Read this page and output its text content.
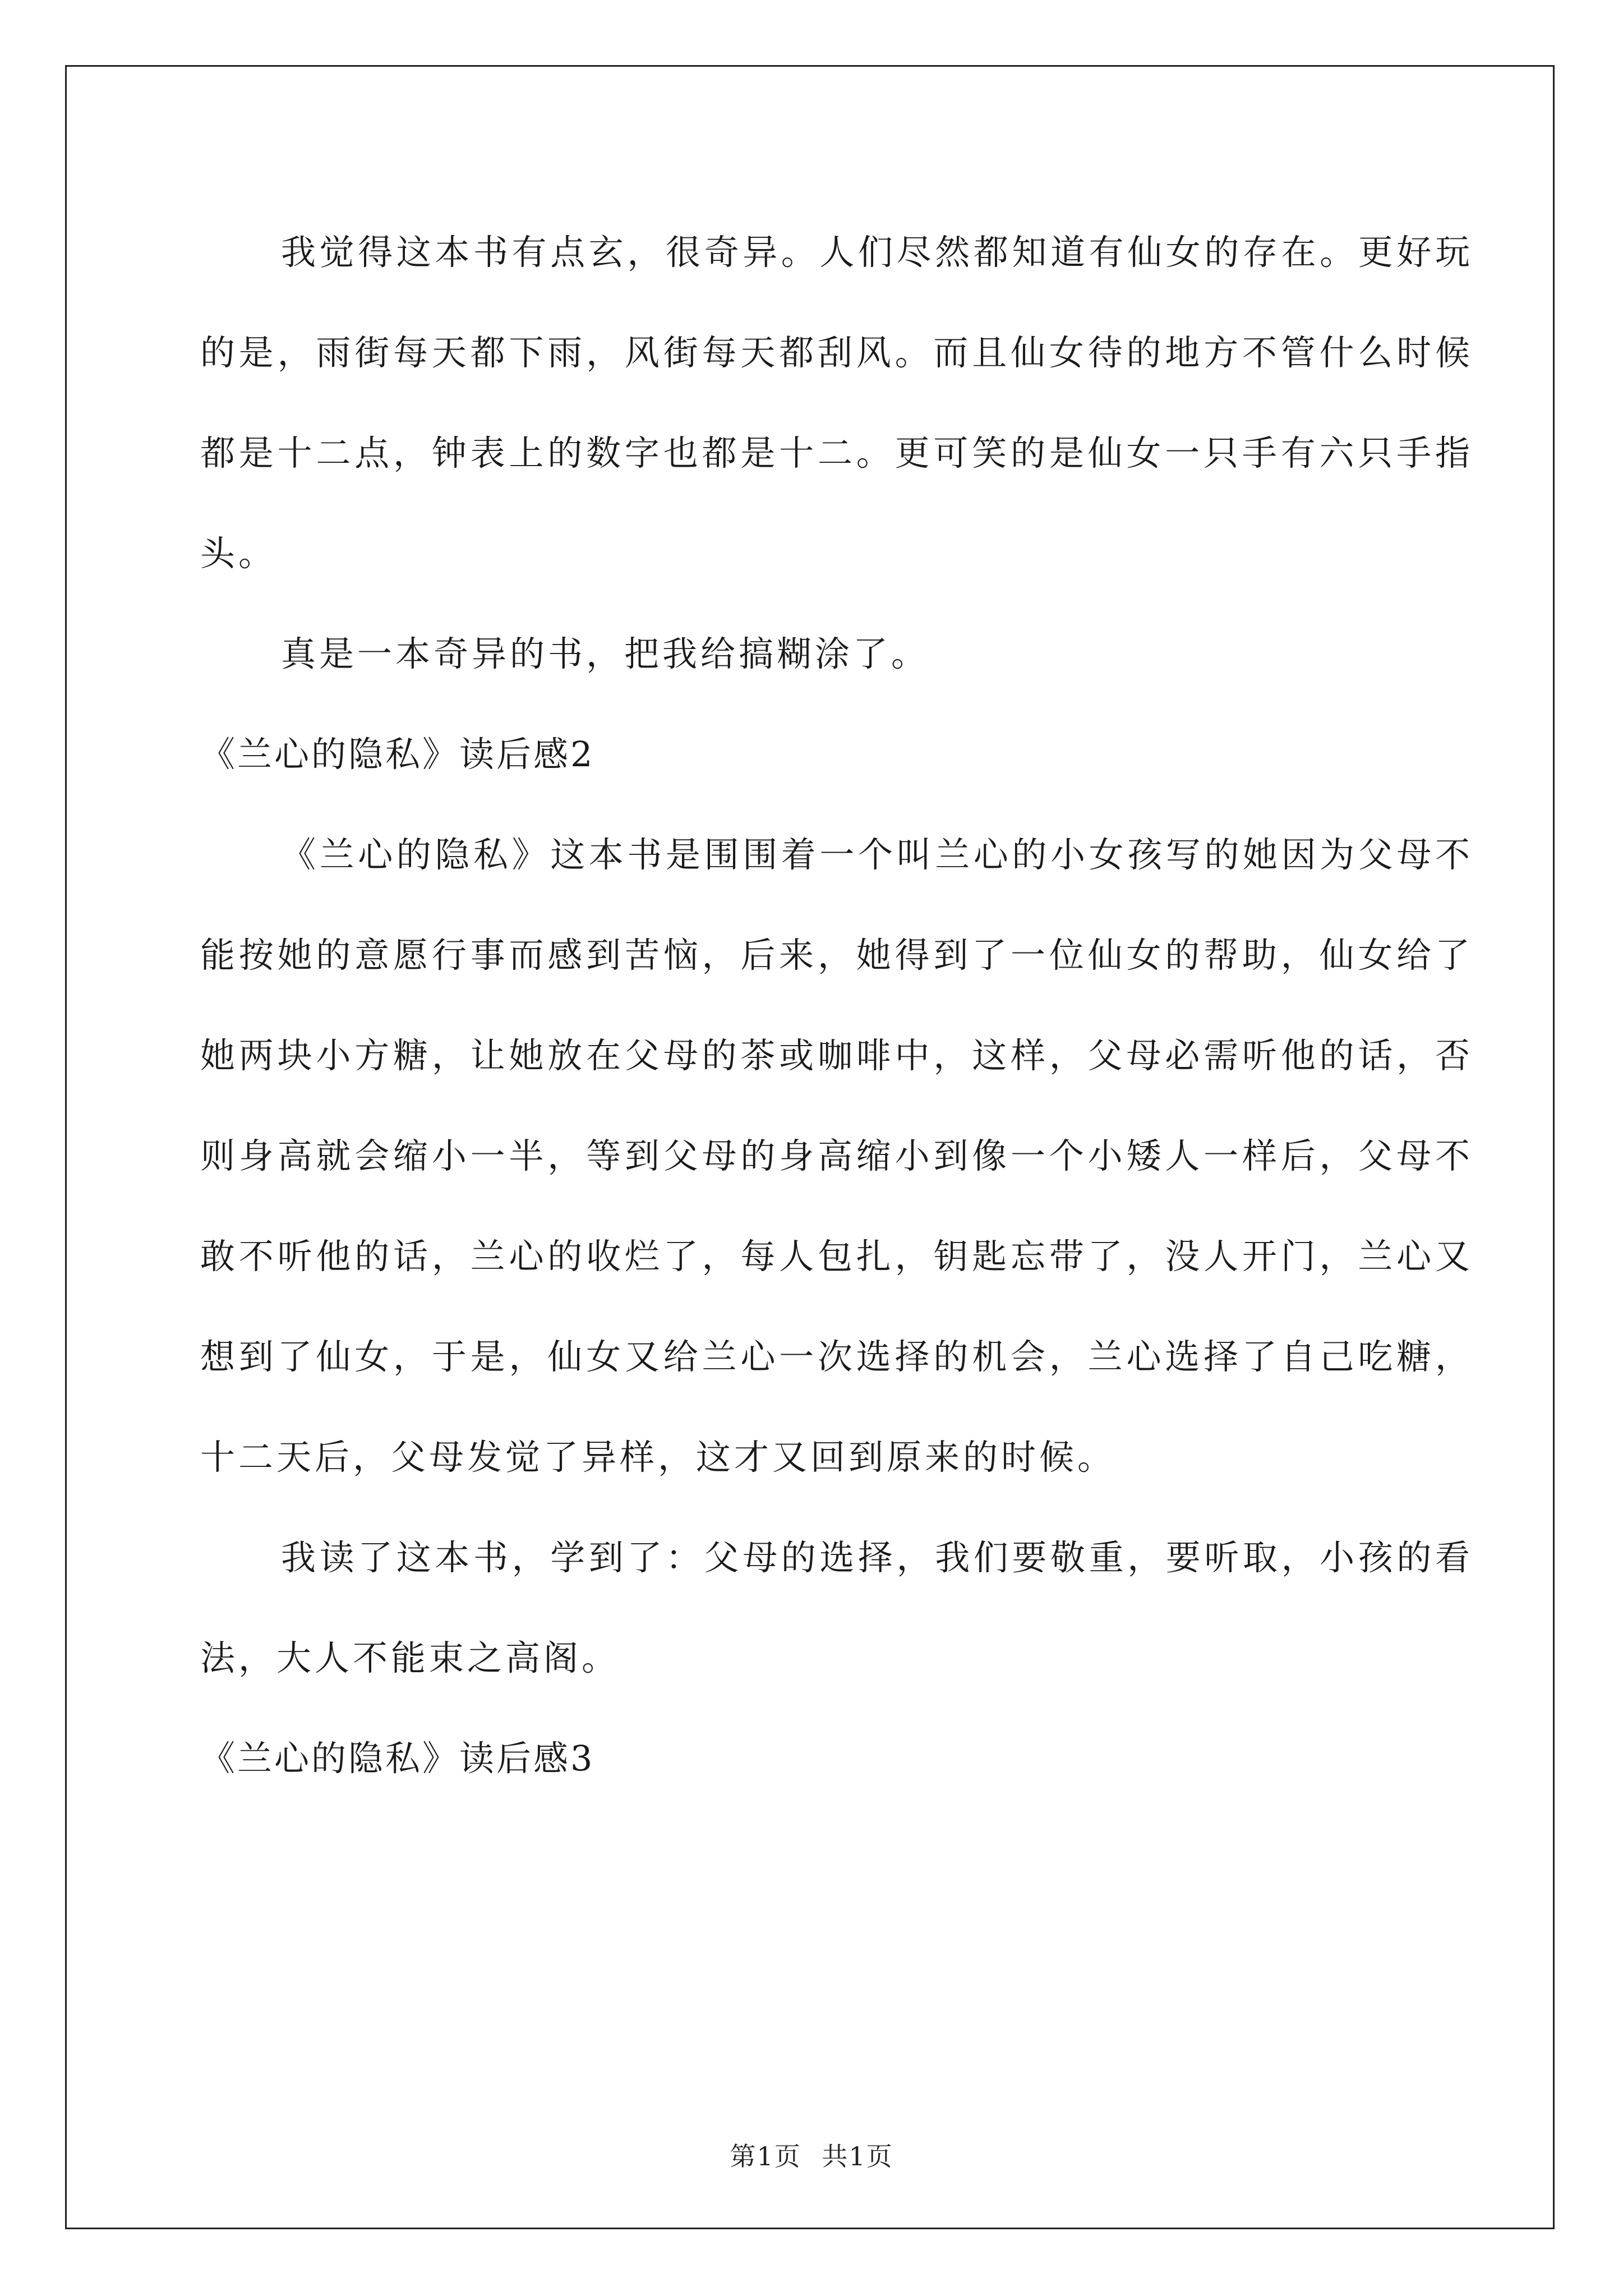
我觉得这本书有点玄，很奇异。人们尽然都知道有仙女的存在。更好玩的是，雨街每天都下雨，风街每天都刮风。而且仙女待的地方不管什么时候都是十二点，钟表上的数字也都是十二。更可笑的是仙女一只手有六只手指头。

真是一本奇异的书，把我给搞糊涂了。

《兰心的隐私》读后感2

《兰心的隐私》这本书是围围着一个叫兰心的小女孩写的她因为父母不能按她的意愿行事而感到苦恼，后来，她得到了一位仙女的帮助，仙女给了她两块小方糖，让她放在父母的茶或咖啡中，这样，父母必需听他的话，否则身高就会缩小一半，等到父母的身高缩小到像一个小矮人一样后，父母不敢不听他的话，兰心的收烂了，每人包扎，钥匙忘带了，没人开门，兰心又想到了仙女，于是，仙女又给兰心一次选择的机会，兰心选择了自己吃糖，十二天后，父母发觉了异样，这才又回到原来的时候。

我读了这本书，学到了：父母的选择，我们要敬重，要听取，小孩的看法，大人不能束之高阁。

《兰心的隐私》读后感3

第1页 共1页
